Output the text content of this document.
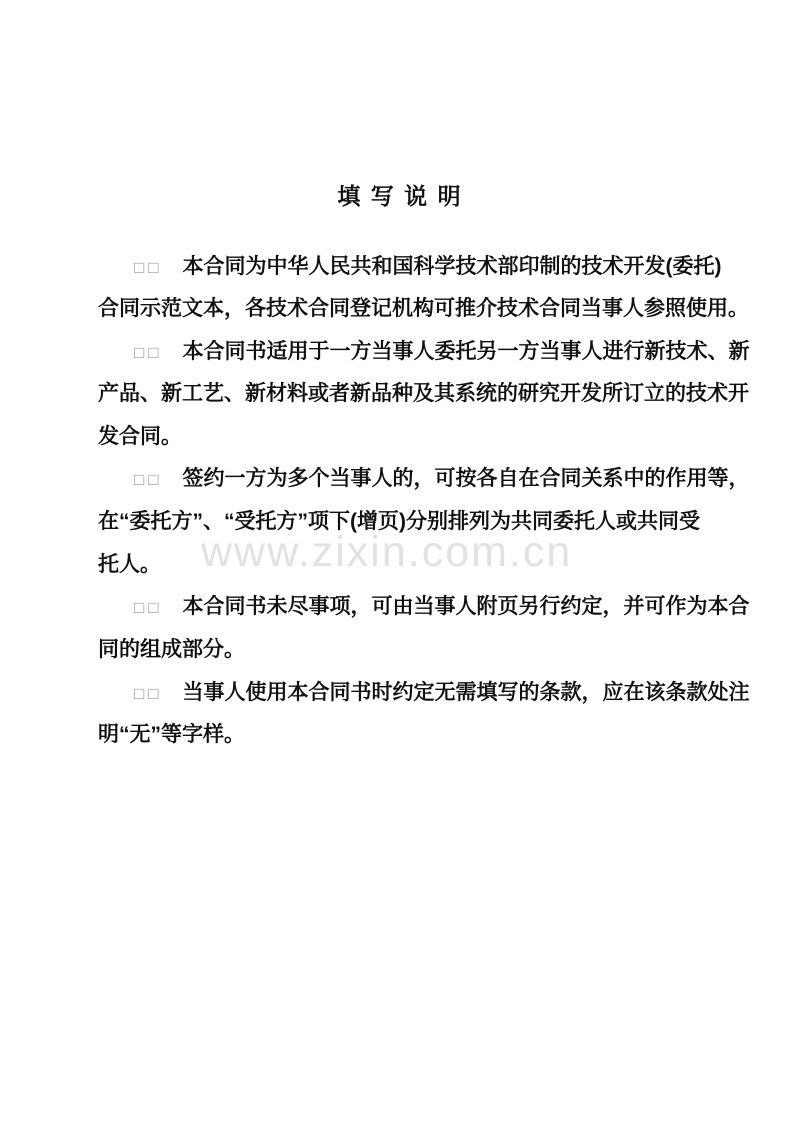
www.zixin.com.cn
填 写 说 明
□□ 本合同为中华人民共和国科学技术部印制的技术开发(委托)
合同示范文本，各技术合同登记机构可推介技术合同当事人参照使用。
□□ 本合同书适用于一方当事人委托另一方当事人进行新技术、新
产品、新工艺、新材料或者新品种及其系统的研究开发所订立的技术开
发合同。
□□ 签约一方为多个当事人的，可按各自在合同关系中的作用等，
在“委托方”、“受托方”项下(增页)分别排列为共同委托人或共同受
托人。
□□ 本合同书未尽事项，可由当事人附页另行约定，并可作为本合
同的组成部分。
□□ 当事人使用本合同书时约定无需填写的条款，应在该条款处注
明“无”等字样。
